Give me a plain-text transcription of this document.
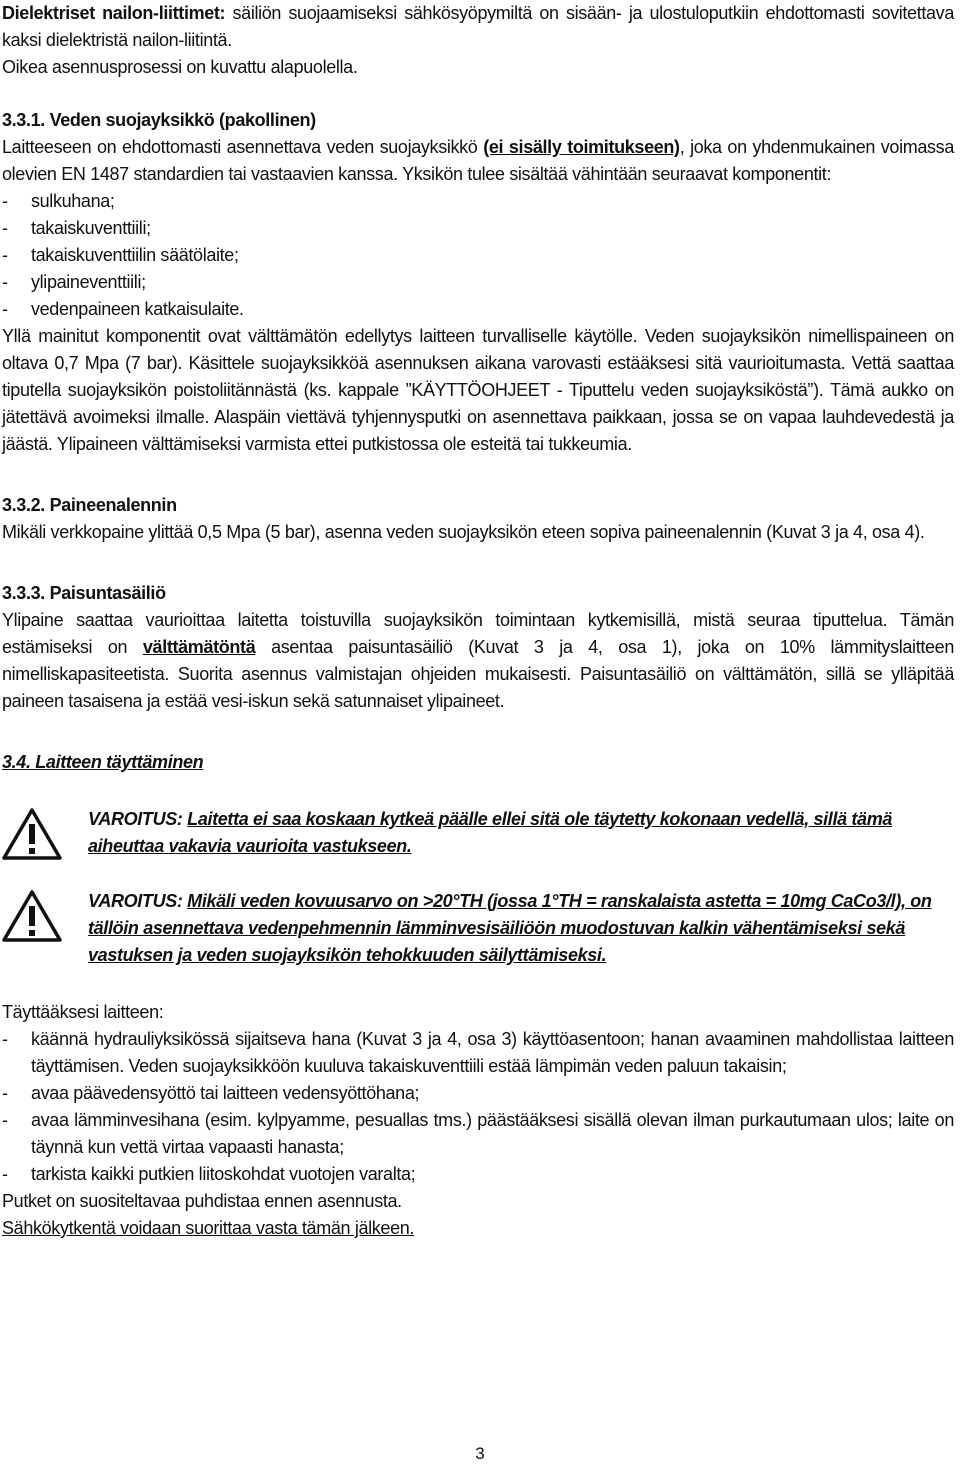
Dielektriset nailon-liittimet: säiliön suojaamiseksi sähkösyöpymiltä on sisään- ja ulostuloputkiin ehdottomasti sovitettava kaksi dielektristä nailon-liitintä.

Oikea asennusprosessi on kuvattu alapuolella.

3.3.1. Veden suojayksikkö (pakollinen)

Laitteeseen on ehdottomasti asennettava veden suojayksikkö (ei sisälly toimitukseen), joka on yhdenmukainen voimassa olevien EN 1487 standardien tai vastaavien kanssa. Yksikön tulee sisältää vähintään seuraavat komponentit:

-	sulkuhana;
-	takaiskuventtiili;
-	takaiskuventtiilin säätölaite;
-	ylipaineventtiili;
-	vedenpaineen katkaisulaite.

Yllä mainitut komponentit ovat välttämätön edellytys laitteen turvalliselle käytölle. Veden suojayksikön nimellispaineen on oltava 0,7 Mpa (7 bar). Käsittele suojayksikköä asennuksen aikana varovasti estääksesi sitä vaurioitumasta. Vettä saattaa tiputella suojayksikön poistoliitännästä (ks. kappale ”KÄYTTÖOHJEET - Tiputtelu veden suojayksiköstä”). Tämä aukko on jätettävä avoimeksi ilmalle. Alaspäin viettävä tyhjennysputki on asennettava paikkaan, jossa se on vapaa lauhdevedestä ja jäästä. Ylipaineen välttämiseksi varmista ettei putkistossa ole esteitä tai tukkeumia.

3.3.2. Paineenalennin

Mikäli verkkopaine ylittää 0,5 Mpa (5 bar), asenna veden suojayksikön eteen sopiva paineenalennin (Kuvat 3 ja 4, osa 4).

3.3.3. Paisuntasäiliö

Ylipaine saattaa vaurioittaa laitetta toistuvilla suojayksikön toimintaan kytkemisillä, mistä seuraa tiputtelua. Tämän estämiseksi on välttämätöntä asentaa paisuntasäiliö (Kuvat 3 ja 4, osa 1), joka on 10% lämmityslaitteen nimelliskapasiteetista. Suorita asennus valmistajan ohjeiden mukaisesti. Paisuntasäiliö on välttämätön, sillä se ylläpitää paineen tasaisena ja estää vesi-iskun sekä satunnaiset ylipaineet.

3.4. Laitteen täyttäminen

VAROITUS: Laitetta ei saa koskaan kytkeä päälle ellei sitä ole täytetty kokonaan vedellä, sillä tämä aiheuttaa vakavia vaurioita vastukseen.
VAROITUS: Mikäli veden kovuusarvo on >20°TH (jossa 1°TH = ranskalaista astetta = 10mg CaCo3/l), on tällöin asennettava vedenpehmennin lämminvesisäiliöön muodostuvan kalkin vähentämiseksi sekä vastuksen ja veden suojayksikön tehokkuuden säilyttämiseksi.

Täyttääksesi laitteen:

-	käännä hydrauliyksikössä sijaitseva hana (Kuvat 3 ja 4, osa 3) käyttöasentoon; hanan avaaminen mahdollistaa laitteen täyttämisen. Veden suojayksikköön kuuluva takaiskuventtiili estää lämpimän veden paluun takaisin;
-	avaa päävedensyöttö tai laitteen vedensyöttöhana;
-	avaa lämminvesihana (esim. kylpyamme, pesuallas tms.) päästääksesi sisällä olevan ilman purkautumaan ulos; laite on täynnä kun vettä virtaa vapaasti hanasta;
-	tarkista kaikki putkien liitoskohdat vuotojen varalta;

Putket on suositeltavaa puhdistaa ennen asennusta.

Sähkökytkentä voidaan suorittaa vasta tämän jälkeen.

3
